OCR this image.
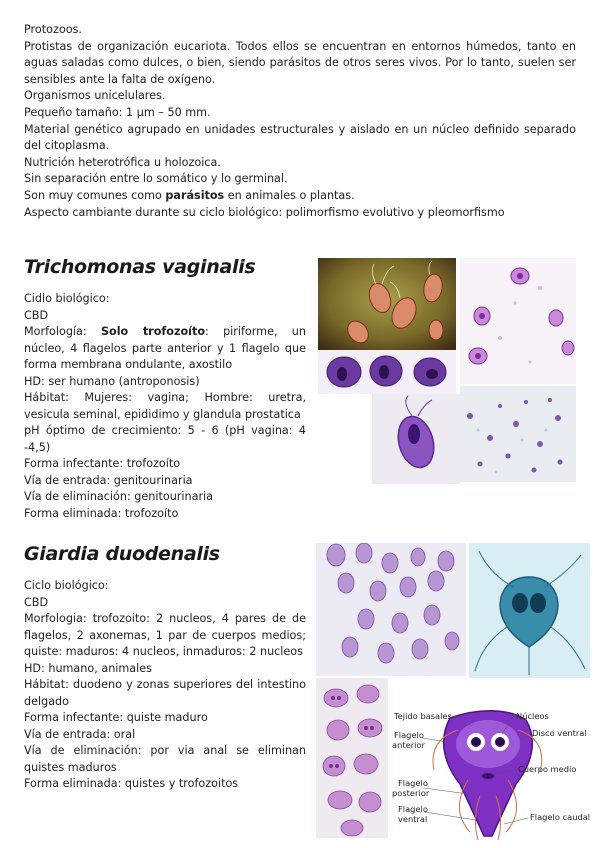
Protozoos.

Protistas de organización eucariota. Todos ellos se encuentran en entornos húmedos, tanto en aguas saladas como dulces, o bien, siendo parásitos de otros seres vivos. Por lo tanto, suelen ser sensibles ante la falta de oxígeno.

Organismos unicelulares.

Pequeño tamaño: 1 μm – 50 mm.

Material genético agrupado en unidades estructurales y aislado en un núcleo definido separado del citoplasma.

Nutrición heterotrófica u holozoica.

Sin separación entre lo somático y lo germinal.

Son muy comunes como parásitos en animales o plantas.

Aspecto cambiante durante su ciclo biológico: polimorfismo evolutivo y pleomorfismo

Trichomonas vaginalis

Cidlo biológico:

CBD

Morfología: Solo trofozoíto: piriforme, un núcleo, 4 flagelos parte anterior y 1 flagelo que forma membrana ondulante, axostilo

HD: ser humano (antroponosis)

Hábitat: Mujeres: vagina; Hombre: uretra, vesicula seminal, epididimo y glandula prostatica

pH óptimo de crecimiento: 5 - 6 (pH vagina: 4 -4,5)

Forma infectante: trofozoíto

Vía de entrada: genitourinaria

Vía de eliminación: genitourinaria

Forma eliminada: trofozoíto

Giardia duodenalis

Ciclo biológico:

CBD

Morfologia: trofozoito: 2 nucleos, 4 pares de de flagelos, 2 axonemas, 1 par de cuerpos medios; quiste: maduros: 4 nucleos, inmaduros: 2 nucleos

HD: humano, animales

Hábitat: duodeno y zonas superiores del intestino delgado

Forma infectante: quiste maduro

Vía de entrada: oral

Vía de eliminación: por via anal se eliminan quistes maduros

Forma eliminada: quistes y trofozoitos

Tejido basales	Núcleos
Flagelo
anterior
Disco ventral
Cuerpo medio
Flagelo
posterior
Flagelo
ventral	Flagelo caudal
